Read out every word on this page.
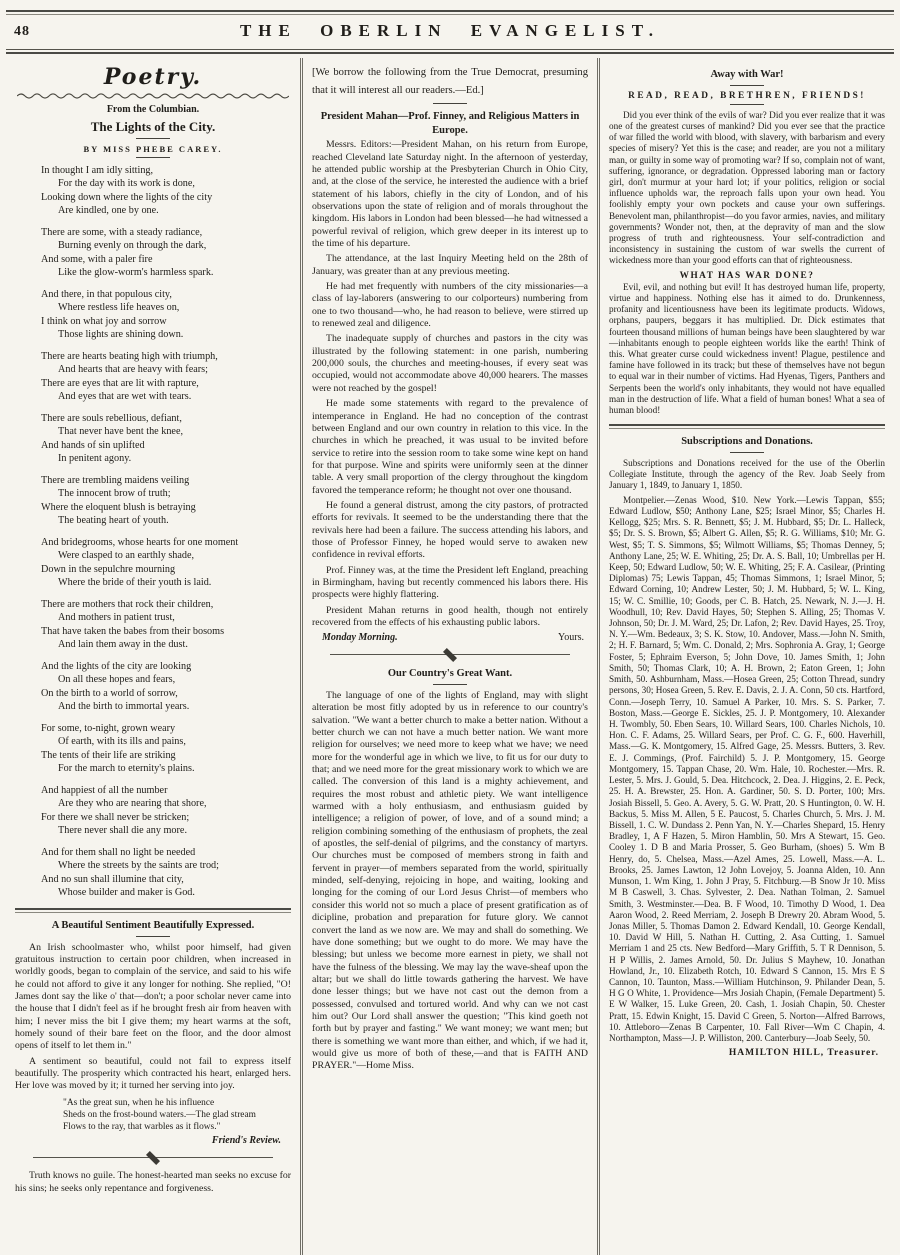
48	THE OBERLIN EVANGELIST.
Poetry.
From the Columbian.
The Lights of the City.
BY MISS PHEBE CAREY.
In thought I am idly sitting,
For the day with its work is done,
Looking down where the lights of the city
Are kindled, one by one.
There are some, with a steady radiance,
Burning evenly on through the dark,
And some, with a paler fire
Like the glow-worm's harmless spark.
And there, in that populous city,
Where restless life heaves on,
I think on what joy and sorrow
Those lights are shining down.
There are hearts beating high with triumph,
And hearts that are heavy with fears;
There are eyes that are lit with rapture,
And eyes that are wet with tears.
There are souls rebellious, defiant,
That never have bent the knee,
And hands of sin uplifted
In penitent agony.
There are trembling maidens veiling
The innocent brow of truth;
Where the eloquent blush is betraying
The beating heart of youth.
And bridegrooms, whose hearts for one moment
Were clasped to an earthly shade,
Down in the sepulchre mourning
Where the bride of their youth is laid.
There are mothers that rock their children,
And mothers in patient trust,
That have taken the babes from their bosoms
And lain them away in the dust.
And the lights of the city are looking
On all these hopes and fears,
On the birth to a world of sorrow,
And the birth to immortal years.
For some, to-night, grown weary
Of earth, with its ills and pains,
The tents of their life are striking
For the march to eternity's plains.
And happiest of all the number
Are they who are nearing that shore,
For there we shall never be stricken;
There never shall die any more.
And for them shall no light be needed
Where the streets by the saints are trod;
And no sun shall illumine that city,
Whose builder and maker is God.
A Beautiful Sentiment Beautifully Expressed.

An Irish schoolmaster who, whilst poor himself, had given gratuitous instruction to certain poor children, when increased in worldly goods, began to complain of the service, and said to his wife he could not afford to give it any longer for nothing. She replied, "O! James dont say the like o' that—don't; a poor scholar never came into the house that I didn't feel as if he brought fresh air from heaven with him; I never miss the bit I give them; my heart warms at the soft, homely sound of their bare feet on the floor, and the door almost opens of itself to let them in."

A sentiment so beautiful, could not fail to express itself beautifully. The prosperity which contracted his heart, enlarged hers. Her love was moved by it; it turned her serving into joy.

"As the great sun, when he his influence
Sheds on the frost-bound waters.—The glad stream
Flows to the ray, that warbles as it flows."
Friend's Review.

Truth knows no guile. The honest-hearted man seeks no excuse for his sins; he seeks only repentance and forgiveness.

[We borrow the following from the True Democrat, presuming that it will interest all our readers.—Ed.]

President Mahan—Prof. Finney, and Religious Matters in Europe.

Messrs. Editors:—President Mahan, on his return from Europe, reached Cleveland late Saturday night. In the afternoon of yesterday, he attended public worship at the Presbyterian Church in Ohio City, and, at the close of the service, he interested the audience with a brief statement of his labors, chiefly in the city of London, and of his observations upon the state of religion and of morals throughout the kingdom. His labors in London had been blessed—he had witnessed a powerful revival of religion, which grew deeper in its interest up to the time of his departure.

The attendance, at the last Inquiry Meeting held on the 28th of January, was greater than at any previous meeting.

He had met frequently with numbers of the city missionaries—a class of lay-laborers (answering to our colporteurs) numbering from one to two thousand—who, he had reason to believe, were stirred up to renewed zeal and diligence.

The inadequate supply of churches and pastors in the city was illustrated by the following statement: in one parish, numbering 200,000 souls, the churches and meeting-houses, if every seat was occupied, would not accommodate above 40,000 hearers. The masses were not reached by the gospel!

He made some statements with regard to the prevalence of intemperance in England. He had no conception of the contrast between England and our own country in relation to this vice. In the churches in which he preached, it was usual to be invited before service to retire into the session room to take some wine kept on hand for that purpose. Wine and spirits were uniformly seen at the dinner table. A very small proportion of the clergy throughout the kingdom favored the temperance reform; he thought not over one thousand.

He found a general distrust, among the city pastors, of protracted efforts for revivals. It seemed to be the understanding there that the revivals here had been a failure. The success attending his labors, and those of Professor Finney, he hoped would serve to awaken new confidence in revival efforts.

Prof. Finney was, at the time the President left England, preaching in Birmingham, having but recently commenced his labors there. His prospects were highly flattering.

President Mahan returns in good health, though not entirely recovered from the effects of his exhausting public labors.

Monday Morning.	Yours.
Our Country's Great Want.

The language of one of the lights of England, may with slight alteration be most fitly adopted by us in reference to our country's salvation. "We want a better church to make a better nation. Without a better church we can not have a much better nation. We want more religion for ourselves; we need more to keep what we have; we need more for the wonderful age in which we live, to fit us for our duty to that; and we need more for the great missionary work to which we are called. The conversion of this land is a mighty achievement, and requires the most robust and athletic piety. We want intelligence warmed with a holy enthusiasm, and enthusiasm guided by intelligence; a religion of power, of love, and of a sound mind; a religion combining something of the enthusiasm of prophets, the zeal of apostles, the self-denial of pilgrims, and the constancy of martyrs. Our churches must be composed of members strong in faith and fervent in prayer—of members separated from the world, spiritually minded, self-denying, rejoicing in hope, and waiting, looking and longing for the coming of our Lord Jesus Christ—of members who consider this world not so much a place of present gratification as of dicipline, probation and preparation for future glory. We cannot convert the land as we now are. We may and shall do something. We have done something; but we ought to do more. We may have the blessing; but unless we become more earnest in piety, we shall not have the fulness of the blessing. We may lay the wave-sheaf upon the altar; but we shall do little towards gathering the harvest. We have done lesser things; but we have not cast out the demon from a possessed, convulsed and tortured world. And why can we not cast him out? Our Lord shall answer the question; "This kind goeth not forth but by prayer and fasting." We want money; we want men; but there is something we want more than either, and which, if we had it, would give us more of both of these,—and that is FAITH AND PRAYER."—Home Miss.

Away with War!
READ, READ, BRETHREN, FRIENDS!

Did you ever think of the evils of war? Did you ever realize that it was one of the greatest curses of mankind? Did you ever see that the practice of war filled the world with blood, with slavery, with barbarism and every species of misery? Yet this is the case; and reader, are you not a military man, or guilty in some way of promoting war? If so, complain not of want, suffering, ignorance, or degradation. Oppressed laboring man or factory girl, don't murmur at your hard lot; if your politics, religion or social influence upholds war, the reproach falls upon your own head. You foolishly empty your own pockets and cause your own sufferings. Benevolent man, philanthropist—do you favor armies, navies, and military governments? Wonder not, then, at the depravity of man and the slow progress of truth and righteousness. Your self-contradiction and inconsistency in sustaining the custom of war swells the current of wickedness more than your good efforts can that of righteousness.

WHAT HAS WAR DONE?

Evil, evil, and nothing but evil! It has destroyed human life, property, virtue and happiness. Nothing else has it aimed to do. Drunkenness, profanity and licentiousness have been its legitimate products. Widows, orphans, paupers, beggars it has multiplied. Dr. Dick estimates that fourteen thousand millions of human beings have been slaughtered by war—inhabitants enough to people eighteen worlds like the earth! Think of this. What greater curse could wickedness invent! Plague, pestilence and famine have followed in its track; but these of themselves have not begun to equal war in their number of victims. Had Hyenas, Tigers, Panthers and Serpents been the world's only inhabitants, they would not have equalled man in the destruction of life. What a field of human bones! What a sea of human blood!

Subscriptions and Donations.

Subscriptions and Donations received for the use of the Oberlin Collegiate Institute, through the agency of the Rev. Joab Seely from January 1, 1849, to January 1, 1850.

Montpelier.—Zenas Wood, $10. New York.—Lewis Tappan, $55; Edward Ludlow, $50; Anthony Lane, $25; Israel Minor, $5; Charles H. Kellogg, $25; Mrs. S. R. Bennett, $5; J. M. Hubbard, $5; Dr. L. Halleck, $5; Dr. S. S. Brown, $5; Albert G. Allen, $5; R. G. Williams, $10; Mr. G. West, $5; T. S. Simmons, $5; Wilmott Williams, $5; Thomas Denney, 5; Anthony Lane, 25; W. E. Whiting, 25; Dr. A. S. Ball, 10; Umbrellas per H. Keep, 50; Edward Ludlow, 50; W. E. Whiting, 25; F. A. Casilear, (Printing Diplomas) 75; Lewis Tappan, 45; Thomas Simmons, 1; Israel Minor, 5; Edward Corning, 10; Andrew Lester, 50; J. M. Hubbard, 5; W. L. King, 15; W. C. Smillie, 10; Goods, per C. B. Hatch, 25. Newark, N. J.—J. H. Woodhull, 10; Rev. David Hayes, 50; Stephen S. Alling, 25; Thomas V. Johnson, 50; Dr. J. M. Ward, 25; Dr. Lafon, 2; Rev. David Hayes, 25. Troy, N. Y.—Wm. Bedeaux, 3; S. K. Stow, 10. Andover, Mass.—John N. Smith, 2; H. F. Barnard, 5; Wm. C. Donald, 2; Mrs. Sophronia A. Gray, 1; George Foster, 5; Ephraim Everson, 5; John Dove, 10. James Smith, 1; John Smith, 50; Thomas Clark, 10; A. H. Brown, 2; Eaton Green, 1; John Smith, 50. Ashburnham, Mass.—Hosea Green, 25; Cotton Thread, sundry persons, 30; Hosea Green, 5. Rev. E. Davis, 2. J. A. Conn, 50 cts. Hartford, Conn.—Joseph Terry, 10. Samuel A Parker, 10. Mrs. S. S. Parker, 7. Boston, Mass.—George E. Sickles, 25. J. P. Montgomery, 10. Alexander H. Twombly, 50. Eben Sears, 10. Willard Sears, 100. Charles Nichols, 10. Hon. C. F. Adams, 25. Willard Sears, per Prof. C. G. F., 600. Haverhill, Mass.—G. K. Montgomery, 15. Alfred Gage, 25. Messrs. Butters, 3. Rev. E. J. Commings, (Prof. Fairchild) 5. J. P. Montgomery, 15. George Montgomery, 15. Tappan Chase, 20. Wm. Hale, 10. Rochester.—Mrs. R. Lester, 5. Mrs. J. Gould, 5. Dea. Hitchcock, 2. Dea. J. Higgins, 2. E. Peck, 25. H. A. Brewster, 25. Hon. A. Gardiner, 50. S. D. Porter, 100; Mrs. Josiah Bissell, 5. Geo. A. Avery, 5. G. W. Pratt, 20. S Huntington, 0. W. H. Backus, 5. Miss M. Allen, 5 E. Paucost, 5. Charles Church, 5. Mrs. J. M. Bissell, 1. C. W. Dundass 2. Penn Yan, N. Y.—Charles Shepard, 15. Henry Bradley, 1, A F Hazen, 5. Miron Hamblin, 50. Mrs A Stewart, 15. Geo. Cooley 1. D B and Maria Prosser, 5. Geo Burham, (shoes) 5. Wm B Henry, do, 5. Chelsea, Mass.—Azel Ames, 25. Lowell, Mass.—A. L. Brooks, 25. James Lawton, 12 John Lovejoy, 5. Joanna Alden, 10. Ann Munson, 1. Wm King, 1. John J Pray, 5. Fitchburg.—B Snow Jr 10. Miss M B Caswell, 3. Chas. Sylvester, 2. Dea. Nathan Tolman, 2. Samuel Smith, 3. Westminster.—Dea. B. F Wood, 10. Timothy D Wood, 1. Dea Aaron Wood, 2. Reed Merriam, 2. Joseph B Drewry 20. Abram Wood, 5. Jonas Miller, 5. Thomas Damon 2. Edward Kendall, 10. George Kendall, 10. David W Hill, 5. Nathan H. Cutting, 2. Asa Cutting, 1. Samuel Merriam 1 and 25 cts. New Bedford—Mary Griffith, 5. T R Dennison, 5. H P Willis, 2. James Arnold, 50. Dr. Julius S Mayhew, 10. Jonathan Howland, Jr., 10. Elizabeth Rotch, 10. Edward S Cannon, 15. Mrs E S Cannon, 10. Taunton, Mass.—William Hutchinson, 9. Philander Dean, 5. H G O White, 1. Providence—Mrs Josiah Chapin, (Female Department) 5. E W Walker, 15. Luke Green, 20. Cash, 1. Josiah Chapin, 50. Chester Pratt, 15. Edwin Knight, 15. David C Green, 5. Norton—Alfred Barrows, 10. Attleboro—Zenas B Carpenter, 10. Fall River—Wm C Chapin, 4. Northampton, Mass—J. P. Williston, 200. Canterbury—Joab Seely, 50.

HAMILTON HILL, Treasurer.
